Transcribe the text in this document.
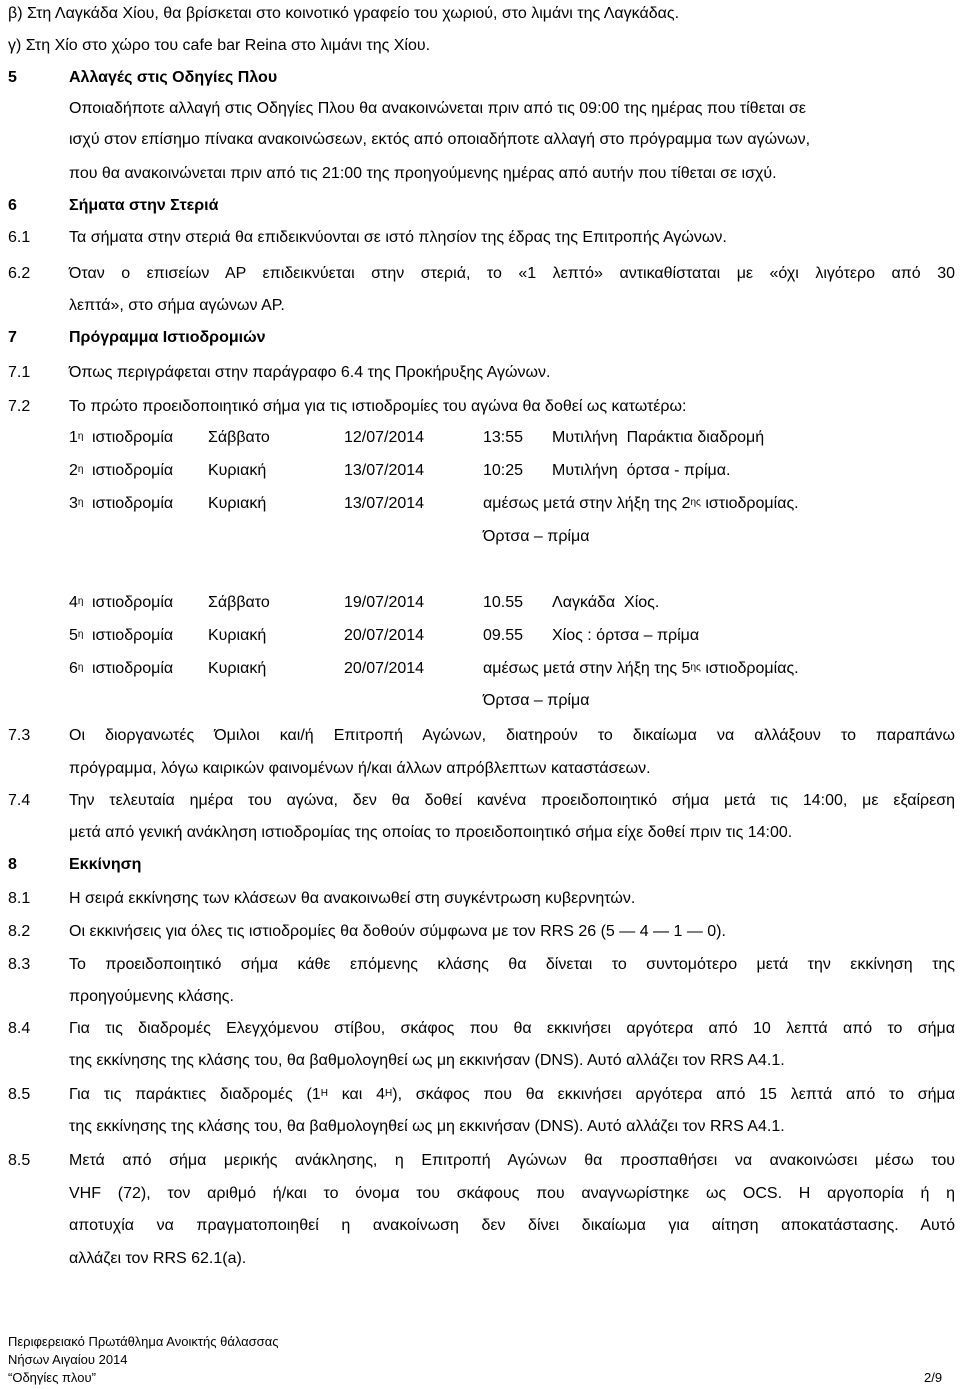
β) Στη Λαγκάδα Χίου, θα βρίσκεται στο κοινοτικό γραφείο του χωριού, στο λιμάνι της Λαγκάδας.
γ) Στη Χίο στο χώρο του cafe bar Reina στο λιμάνι της Χίου.
5	Αλλαγές στις Οδηγίες Πλου
Οποιαδήποτε αλλαγή στις Οδηγίες Πλου θα ανακοινώνεται πριν από τις 09:00 της ημέρας που τίθεται σε
ισχύ στον επίσημο πίνακα ανακοινώσεων, εκτός από οποιαδήποτε αλλαγή στο πρόγραμμα των αγώνων,
που θα ανακοινώνεται πριν από τις 21:00 της προηγούμενης ημέρας από αυτήν που τίθεται σε ισχύ.
6	Σήματα στην Στεριά
6.1 Τα σήματα στην στεριά θα επιδεικνύονται σε ιστό πλησίον της έδρας της Επιτροπής Αγώνων.
6.2 Όταν ο επισείων ΑΡ επιδεικνύεται στην στεριά, το «1 λεπτό» αντικαθίσταται με «όχι λιγότερο από 30
λεπτά», στο σήμα αγώνων ΑΡ.
7	Πρόγραμμα Ιστιοδρομιών
7.1 Όπως περιγράφεται στην παράγραφο 6.4 της Προκήρυξης Αγώνων.
7.2 Το πρώτο προειδοποιητικό σήμα για τις ιστιοδρομίες του αγώνα θα δοθεί ως κατωτέρω:
$1^\eta$ ιστιοδρομία Σάββατο	12/07/2014	13:55 Μυτιλήνη  Παράκτια διαδρομή
$2^\eta$ ιστιοδρομία Κυριακή	13/07/2014	10:25 Μυτιλήνη  όρτσα - πρίμα.
$3^\eta$ ιστιοδρομία Κυριακή	13/07/2014	αμέσως μετά στην λήξη της $2^{\eta\varsigma}$ ιστιοδρομίας.
Όρτσα – πρίμα
$4^\eta$ ιστιοδρομία Σάββατο	19/07/2014	10.55 Λαγκάδα  Χίος.
$5^\eta$ ιστιοδρομία Κυριακή	20/07/2014	09.55 Χίος : όρτσα – πρίμα
$6^\eta$ ιστιοδρομία Κυριακή	20/07/2014	αμέσως μετά στην λήξη της $5^{\eta\varsigma}$ ιστιοδρομίας.
Όρτσα – πρίμα
7.3 Οι διοργανωτές Όμιλοι και/ή Επιτροπή Αγώνων, διατηρούν το δικαίωμα να αλλάξουν το παραπάνω
πρόγραμμα, λόγω καιρικών φαινομένων ή/και άλλων απρόβλεπτων καταστάσεων.
7.4 Την τελευταία ημέρα του αγώνα, δεν θα δοθεί κανένα προειδοποιητικό σήμα μετά τις 14:00, με εξαίρεση
μετά από γενική ανάκληση ιστιοδρομίας της οποίας το προειδοποιητικό σήμα είχε δοθεί πριν τις 14:00.
8	Εκκίνηση
8.1 Η σειρά εκκίνησης των κλάσεων θα ανακοινωθεί στη συγκέντρωση κυβερνητών.
8.2 Οι εκκινήσεις για όλες τις ιστιοδρομίες θα δοθούν σύμφωνα με τον RRS 26 (5 — 4 — 1 — 0).
8.3 Το προειδοποιητικό σήμα κάθε επόμενης κλάσης θα δίνεται το συντομότερο μετά την εκκίνηση της
προηγούμενης κλάσης.
8.4 Για τις διαδρομές Ελεγχόμενου στίβου, σκάφος που θα εκκινήσει αργότερα από 10 λεπτά από το σήμα
της εκκίνησης της κλάσης του, θα βαθμολογηθεί ως μη εκκινήσαν (DNS). Αυτό αλλάζει τον RRS A4.1.
8.5 Για τις παράκτιες διαδρομές ($1^H$ και $4^H$), σκάφος που θα εκκινήσει αργότερα από 15 λεπτά από το σήμα
της εκκίνησης της κλάσης του, θα βαθμολογηθεί ως μη εκκινήσαν (DNS). Αυτό αλλάζει τον RRS A4.1.
8.5 Μετά από σήμα μερικής ανάκλησης, η Επιτροπή Αγώνων θα προσπαθήσει να ανακοινώσει μέσω του
VHF (72), τον αριθμό ή/και το όνομα του σκάφους που αναγνωρίστηκε ως OCS. Η αργοπορία ή η
αποτυχία να πραγματοποιηθεί η ανακοίνωση δεν δίνει δικαίωμα για αίτηση αποκατάστασης. Αυτό
αλλάζει τον RRS 62.1(a).
Περιφερειακό Πρωτάθλημα Ανοικτής θάλασσας
Νήσων Αιγαίου 2014
“Οδηγίες πλου”	2/9
